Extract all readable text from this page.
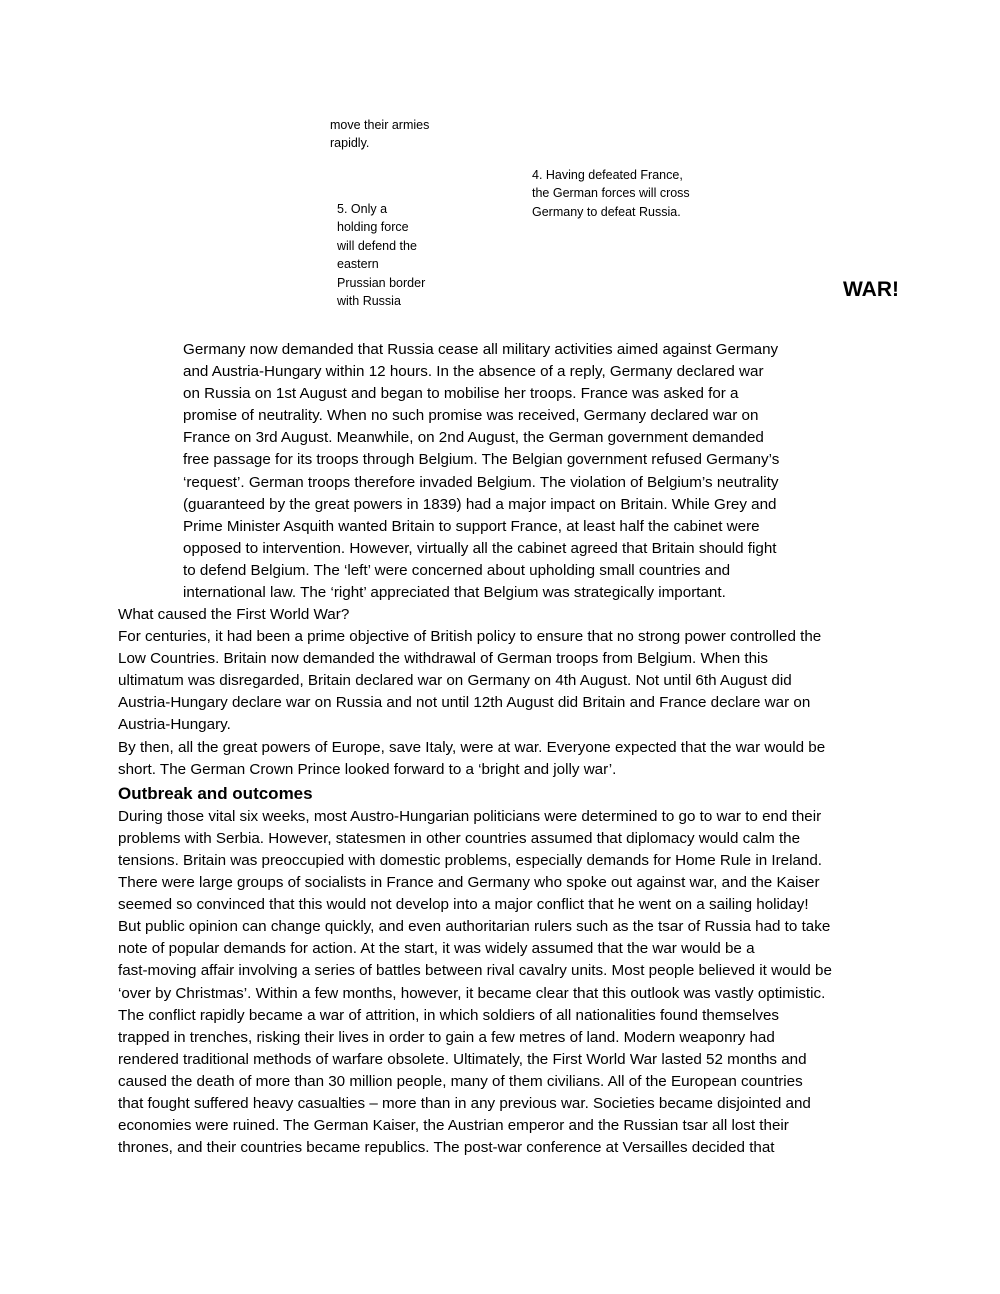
move their armies
rapidly.

4. Having defeated France,
the German forces will cross
Germany to defeat Russia.

5. Only a
holding force
will defend the
eastern
Prussian border
with Russia

WAR!
Germany now demanded that Russia cease all military activities aimed against Germany
and Austria-Hungary within 12 hours. In the absence of a reply, Germany declared war
on Russia on 1st August and began to mobilise her troops. France was asked for a
promise of neutrality. When no such promise was received, Germany declared war on
France on 3rd August. Meanwhile, on 2nd August, the German government demanded
free passage for its troops through Belgium. The Belgian government refused Germany’s
‘request’. German troops therefore invaded Belgium. The violation of Belgium’s neutrality
(guaranteed by the great powers in 1839) had a major impact on Britain. While Grey and
Prime Minister Asquith wanted Britain to support France, at least half the cabinet were
opposed to intervention. However, virtually all the cabinet agreed that Britain should fight
to defend Belgium. The ‘left’ were concerned about upholding small countries and
international law. The ‘right’ appreciated that Belgium was strategically important.

What caused the First World War?

For centuries, it had been a prime objective of British policy to ensure that no strong power controlled the
Low Countries. Britain now demanded the withdrawal of German troops from Belgium. When this
ultimatum was disregarded, Britain declared war on Germany on 4th August. Not until 6th August did
Austria-Hungary declare war on Russia and not until 12th August did Britain and France declare war on
Austria-Hungary.

By then, all the great powers of Europe, save Italy, were at war. Everyone expected that the war would be
short. The German Crown Prince looked forward to a ‘bright and jolly war’.

Outbreak and outcomes

During those vital six weeks, most Austro-Hungarian politicians were determined to go to war to end their
problems with Serbia. However, statesmen in other countries assumed that diplomacy would calm the
tensions. Britain was preoccupied with domestic problems, especially demands for Home Rule in Ireland.
There were large groups of socialists in France and Germany who spoke out against war, and the Kaiser
seemed so convinced that this would not develop into a major conflict that he went on a sailing holiday!
But public opinion can change quickly, and even authoritarian rulers such as the tsar of Russia had to take
note of popular demands for action. At the start, it was widely assumed that the war would be a
fast-moving affair involving a series of battles between rival cavalry units. Most people believed it would be
‘over by Christmas’. Within a few months, however, it became clear that this outlook was vastly optimistic.
The conflict rapidly became a war of attrition, in which soldiers of all nationalities found themselves
trapped in trenches, risking their lives in order to gain a few metres of land. Modern weaponry had
rendered traditional methods of warfare obsolete. Ultimately, the First World War lasted 52 months and
caused the death of more than 30 million people, many of them civilians. All of the European countries
that fought suffered heavy casualties – more than in any previous war. Societies became disjointed and
economies were ruined. The German Kaiser, the Austrian emperor and the Russian tsar all lost their
thrones, and their countries became republics. The post-war conference at Versailles decided that
